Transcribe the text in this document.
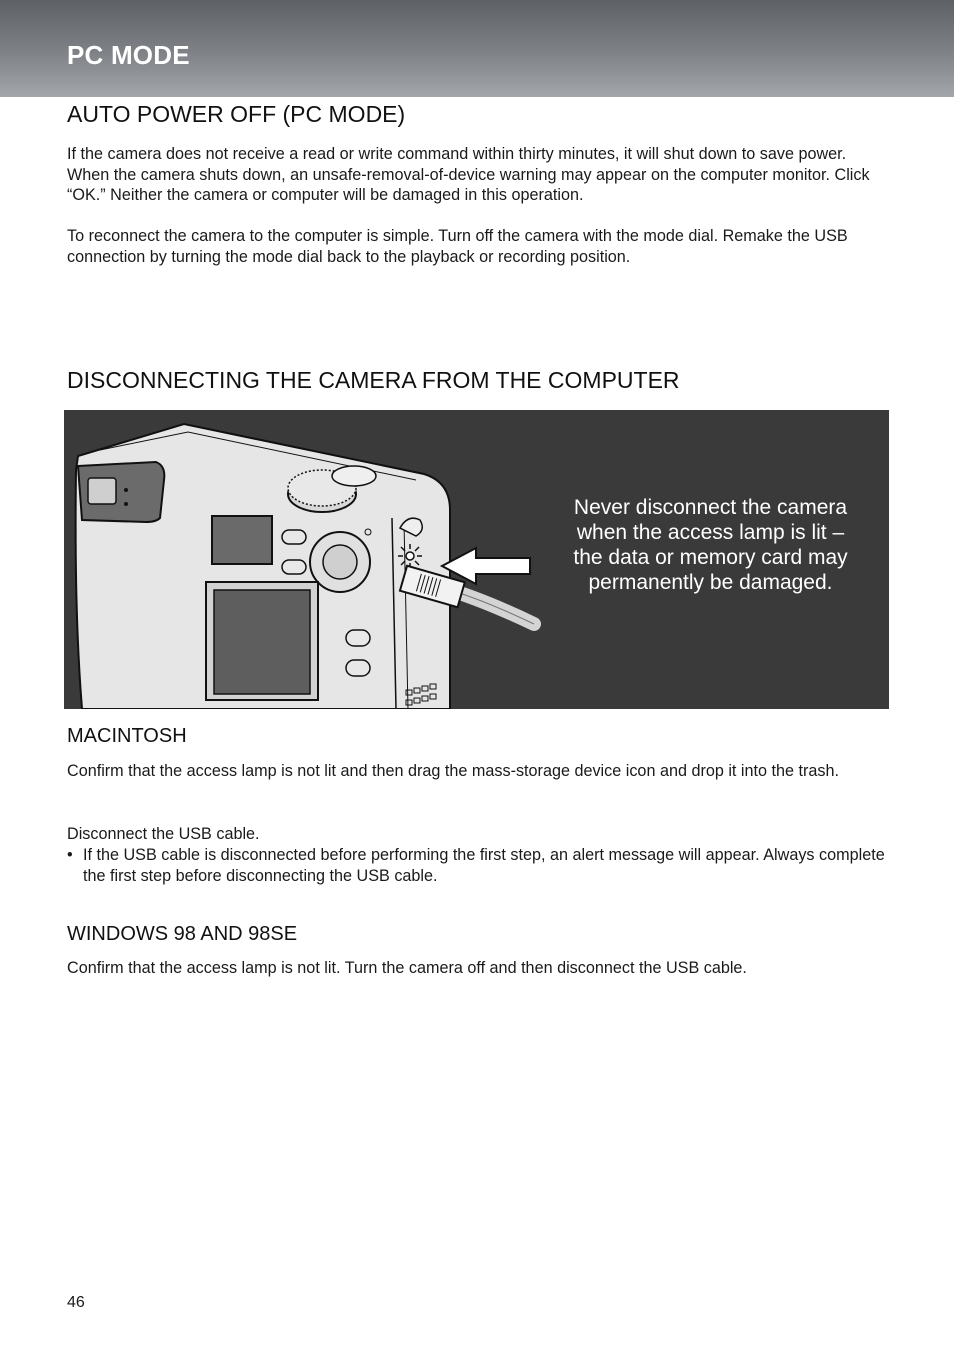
PC MODE
AUTO POWER OFF (PC MODE)

If the camera does not receive a read or write command within thirty minutes, it will shut down to save power. When the camera shuts down, an unsafe-removal-of-device warning may appear on the computer monitor. Click “OK.” Neither the camera or computer will be damaged in this operation.

To reconnect the camera to the computer is simple. Turn off the camera with the mode dial. Remake the USB connection by turning the mode dial back to the playback or recording position.

DISCONNECTING THE CAMERA FROM THE COMPUTER

Never disconnect the camera when the access lamp is lit – the data or memory card may permanently be damaged.

MACINTOSH

Confirm that the access lamp is not lit and then drag the mass-storage device icon and drop it into the trash.

Disconnect the USB cable.

• If the USB cable is disconnected before performing the first step, an alert message will appear. Always complete the first step before disconnecting the USB cable.
WINDOWS 98 AND 98SE

Confirm that the access lamp is not lit. Turn the camera off and then disconnect the USB cable.

46
